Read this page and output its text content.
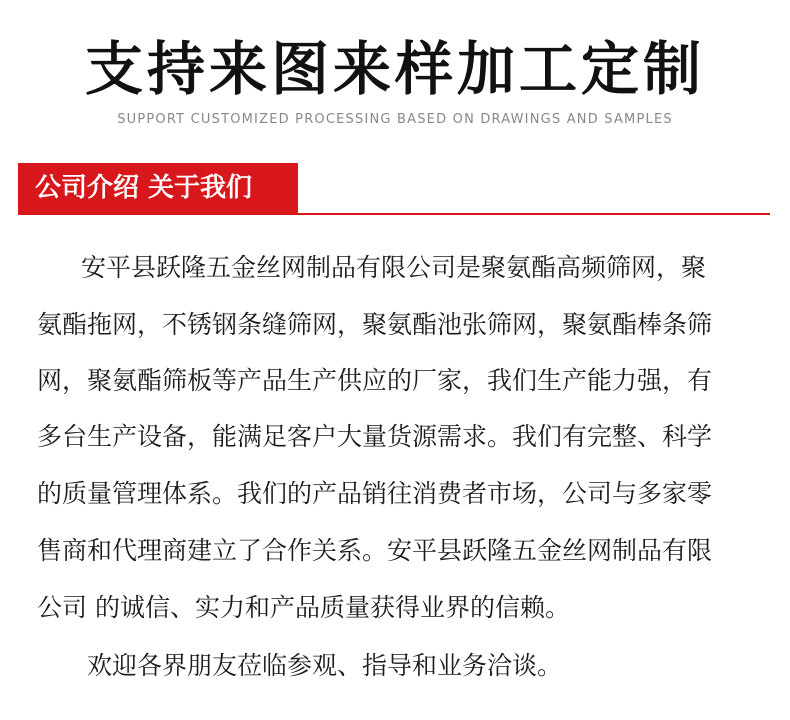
支持来图来样加工定制
SUPPORT CUSTOMIZED PROCESSING BASED ON DRAWINGS AND SAMPLES
公司介绍 关于我们
安平县跃隆五金丝网制品有限公司是聚氨酯高频筛网，聚
氨酯拖网，不锈钢条缝筛网，聚氨酯池张筛网，聚氨酯棒条筛
网，聚氨酯筛板等产品生产供应的厂家，我们生产能力强，有
多台生产设备，能满足客户大量货源需求。我们有完整、科学
的质量管理体系。我们的产品销往消费者市场，公司与多家零
售商和代理商建立了合作关系。安平县跃隆五金丝网制品有限
公司 的诚信、实力和产品质量获得业界的信赖。
欢迎各界朋友莅临参观、指导和业务洽谈。
